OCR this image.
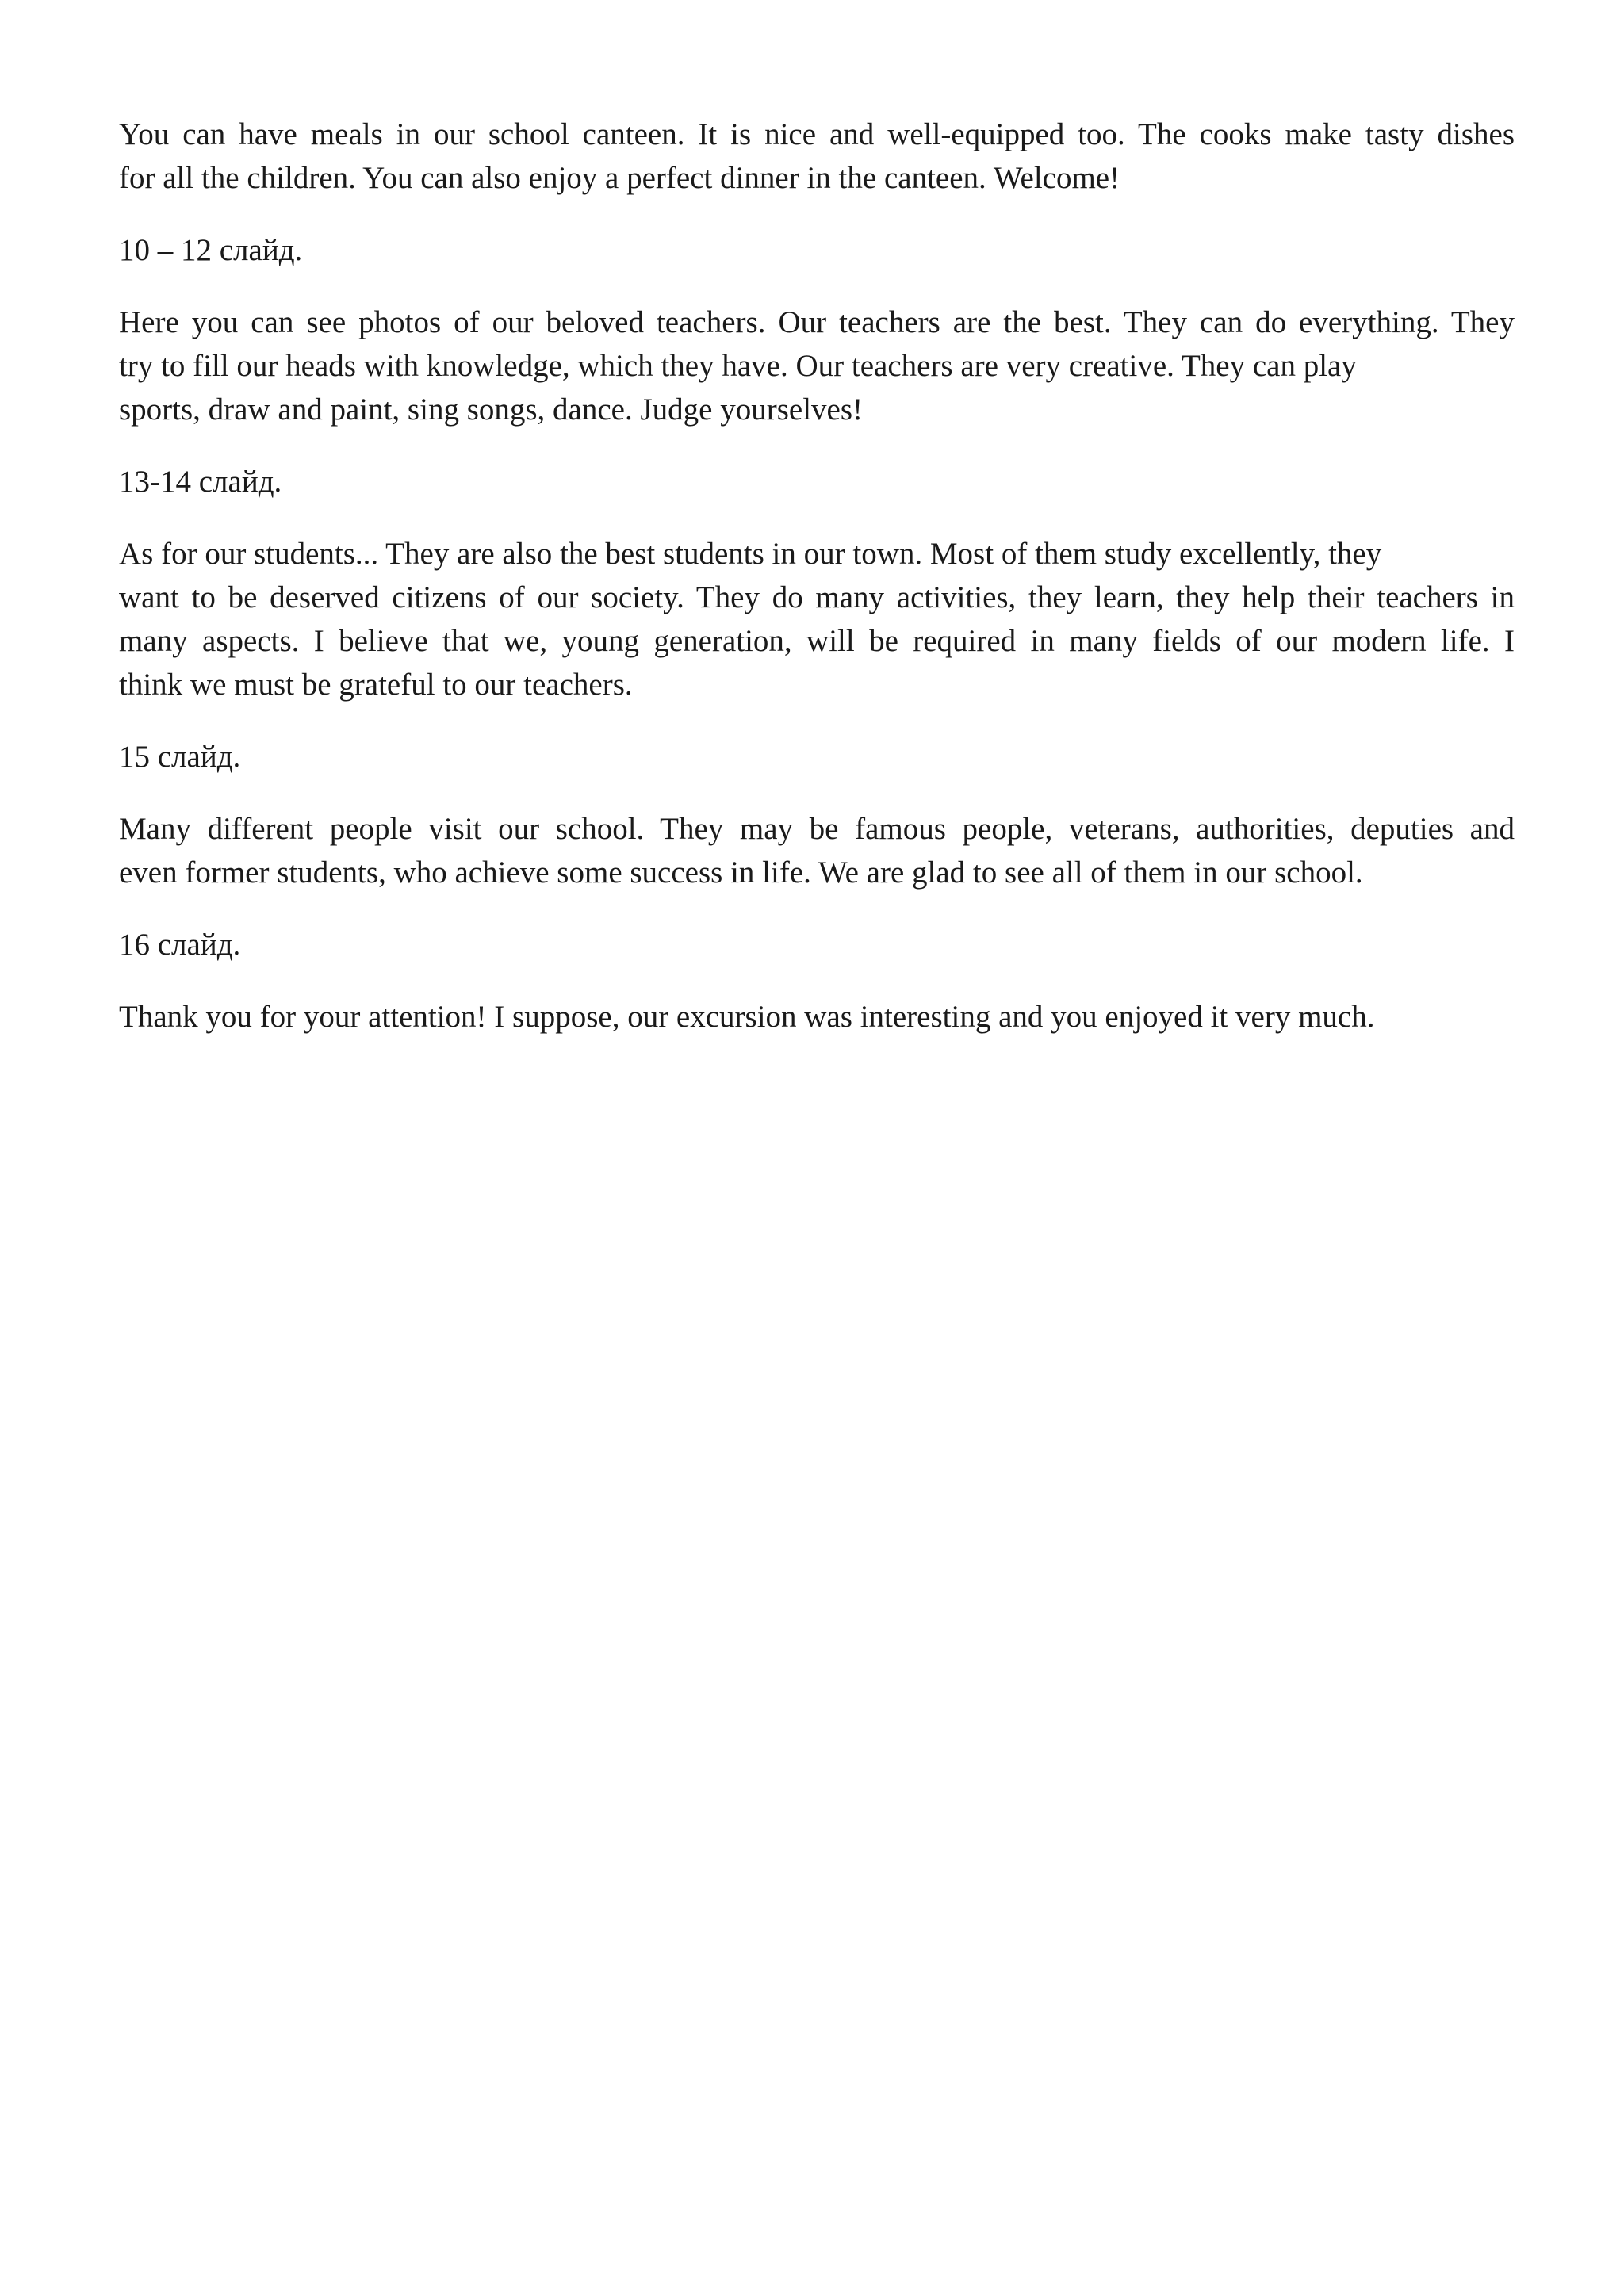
You can have meals in our school canteen. It is nice and well-equipped too. The cooks make tasty dishes
for all the children. You can also enjoy a perfect dinner in the canteen. Welcome!
10 – 12 слайд.
Here you can see photos of our beloved teachers. Our teachers are the best. They can do everything. They
try to fill our heads with knowledge, which they have. Our teachers are very creative. They can play
sports, draw and paint, sing songs, dance. Judge yourselves!
13-14 слайд.
As for our students... They are also the best students in our town. Most of them study excellently, they
want to be deserved citizens of our society. They do many activities, they learn, they help their teachers in
many aspects. I believe that we, young generation, will be required in many fields of our modern life. I
think we must be grateful to our teachers.
15 слайд.
Many different people visit our school. They may be famous people, veterans, authorities, deputies and
even former students, who achieve some success in life. We are glad to see all of them in our school.
16 слайд.
Thank you for your attention! I suppose, our excursion was interesting and you enjoyed it very much.
